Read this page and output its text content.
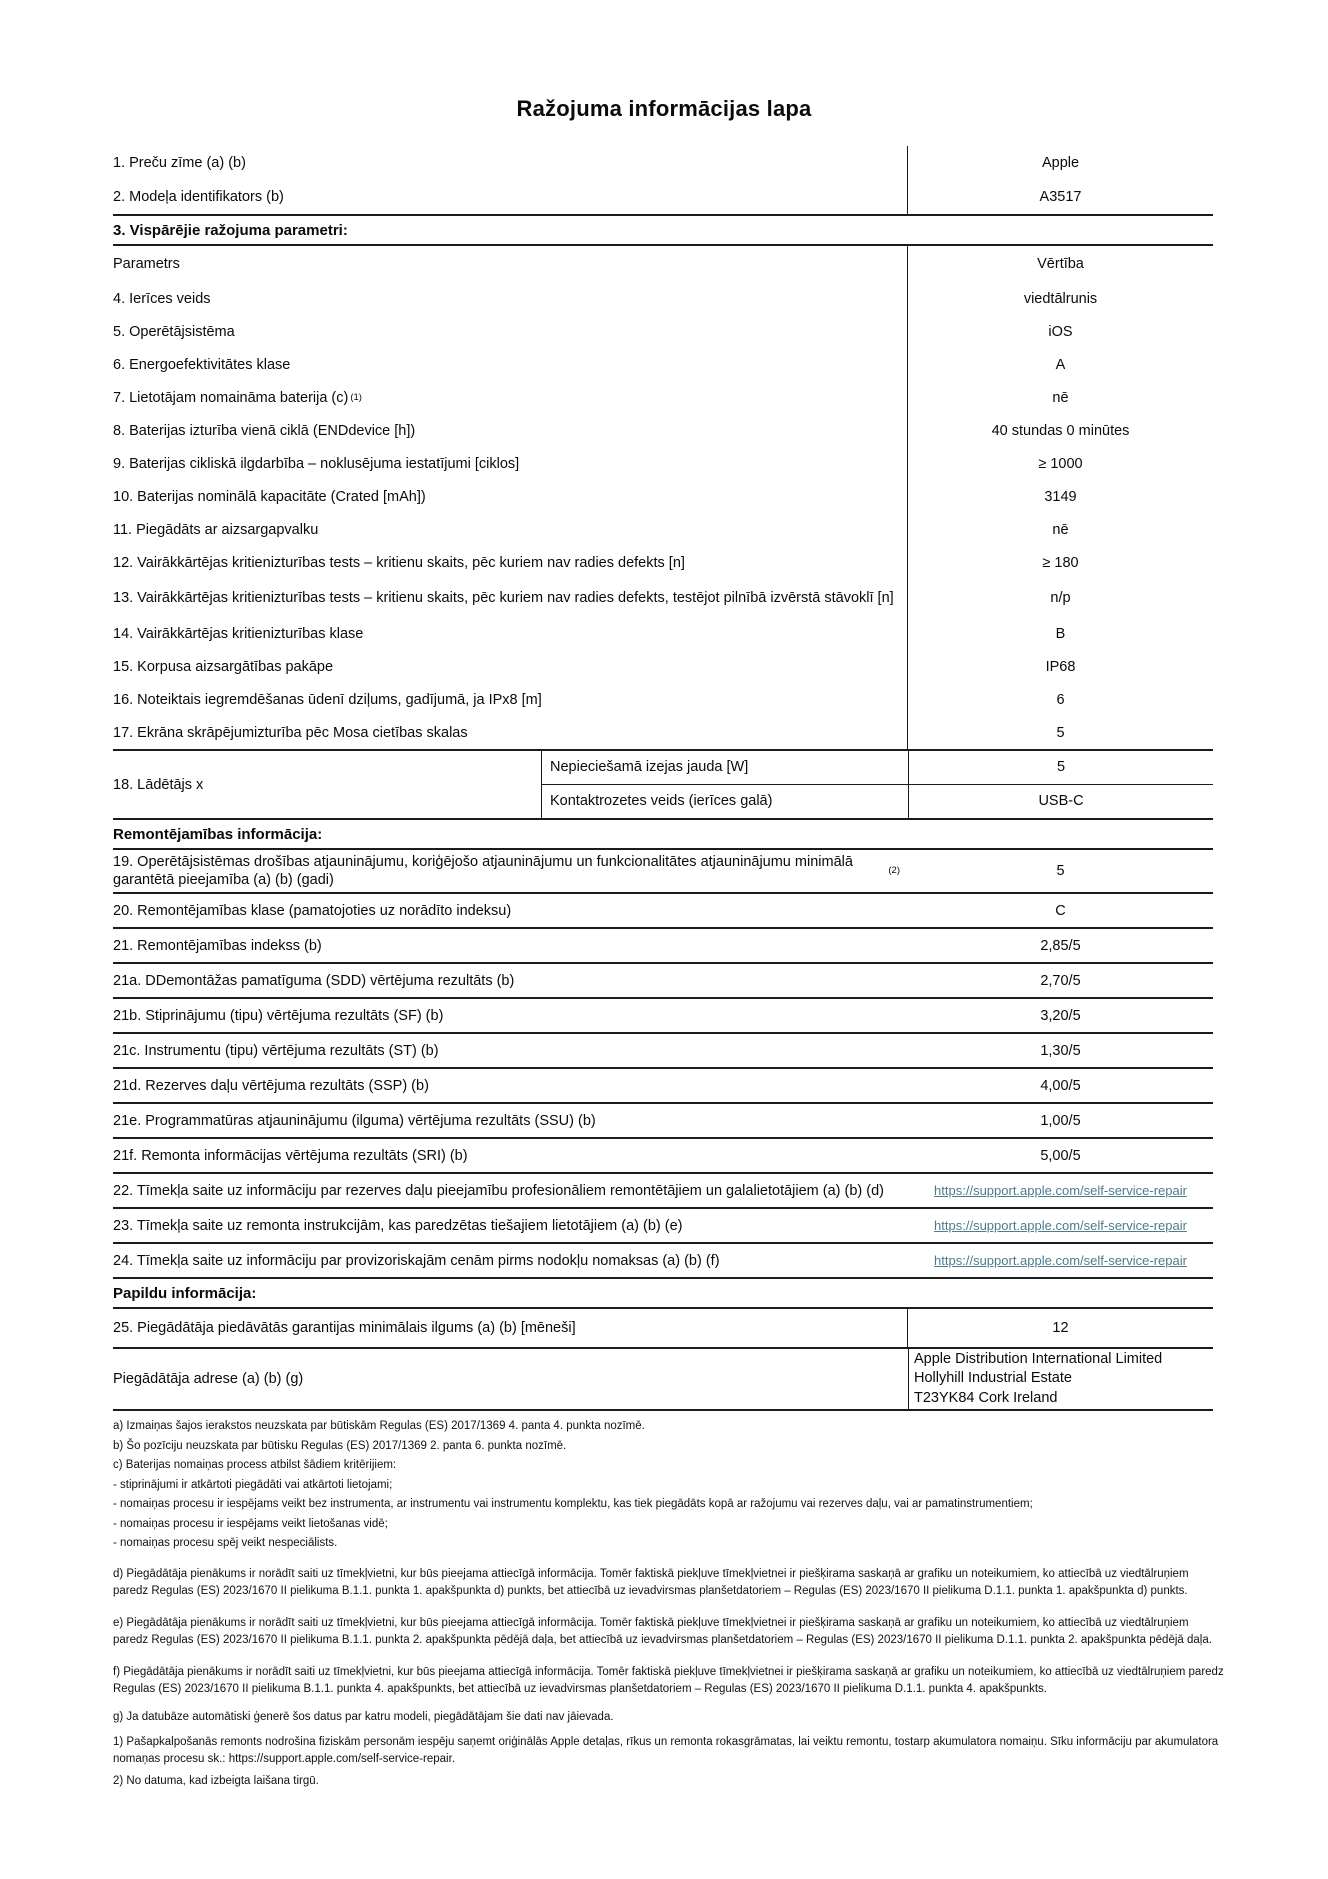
Ražojuma informācijas lapa
1. Preču zīme (a) (b)	Apple
2. Modeļa identifikators (b)	A3517
3. Vispārējie ražojuma parametri:
Parametrs	Vērtība
4. Ierīces veids	viedtālrunis
5. Operētājsistēma	iOS
6. Energoefektivitātes klase	A
7. Lietotājam nomaināma baterija (c) (1)	nē
8. Baterijas izturība vienā ciklā (ENDdevice [h])	40 stundas 0 minūtes
9. Baterijas cikliskā ilgdarbība – noklusējuma iestatījumi [ciklos]	≥ 1000
10. Baterijas nominālā kapacitāte (Crated [mAh])	3149
11. Piegādāts ar aizsargapvalku	nē
12. Vairākkārtējas kritienizturības tests – kritienu skaits, pēc kuriem nav radies defekts [n]	≥ 180
13. Vairākkārtējas kritienizturības tests – kritienu skaits, pēc kuriem nav radies defekts, testējot pilnībā izvērstā stāvoklī [n]	n/p
14. Vairākkārtējas kritienizturības klase	B
15. Korpusa aizsargātības pakāpe	IP68
16. Noteiktais iegremdēšanas ūdenī dziļums, gadījumā, ja IPx8 [m]	6
17. Ekrāna skrāpējumizturība pēc Mosa cietības skalas	5
18. Lādētājs x
Nepieciešamā izejas jauda [W]	5
Kontaktrozetes veids (ierīces galā)	USB-C
Remontējamības informācija:
19. Operētājsistēmas drošības atjauninājumu, koriģējošo atjauninājumu un funkcionalitātes atjauninājumu minimālā garantētā pieejamība (a) (b) (gadi)
(2)	5
20. Remontējamības klase (pamatojoties uz norādīto indeksu)	C
21. Remontējamības indekss (b)	2,85/5
21a. DDemontāžas pamatīguma (SDD) vērtējuma rezultāts (b)	2,70/5
21b. Stiprinājumu (tipu) vērtējuma rezultāts (SF) (b)	3,20/5
21c. Instrumentu (tipu) vērtējuma rezultāts (ST) (b)	1,30/5
21d. Rezerves daļu vērtējuma rezultāts (SSP) (b)	4,00/5
21e. Programmatūras atjauninājumu (ilguma) vērtējuma rezultāts (SSU) (b)	1,00/5
21f. Remonta informācijas vērtējuma rezultāts (SRI) (b)	5,00/5
22. Tīmekļa saite uz informāciju par rezerves daļu pieejamību profesionāliem remontētājiem un galalietotājiem (a) (b) (d)	https://support.apple.com/self-service-repair
23. Tīmekļa saite uz remonta instrukcijām, kas paredzētas tiešajiem lietotājiem (a) (b) (e)	https://support.apple.com/self-service-repair
24. Tīmekļa saite uz informāciju par provizoriskajām cenām pirms nodokļu nomaksas (a) (b) (f)	https://support.apple.com/self-service-repair
Papildu informācija:
25. Piegādātāja piedāvātās garantijas minimālais ilgums (a) (b) [mēneši]	12
Piegādātāja adrese (a) (b) (g)
Apple Distribution International Limited
Hollyhill Industrial Estate
T23YK84 Cork Ireland
a) Izmaiņas šajos ierakstos neuzskata par būtiskām Regulas (ES) 2017/1369 4. panta 4. punkta nozīmē.
b) Šo pozīciju neuzskata par būtisku Regulas (ES) 2017/1369 2. panta 6. punkta nozīmē.
c) Baterijas nomaiņas process atbilst šādiem kritērijiem:
- stiprinājumi ir atkārtoti piegādāti vai atkārtoti lietojami;
- nomaiņas procesu ir iespējams veikt bez instrumenta, ar instrumentu vai instrumentu komplektu, kas tiek piegādāts kopā ar ražojumu vai rezerves daļu, vai ar pamatinstrumentiem;
- nomaiņas procesu ir iespējams veikt lietošanas vidē;
- nomaiņas procesu spēj veikt nespeciālists.
d) Piegādātāja pienākums ir norādīt saiti uz tīmekļvietni, kur būs pieejama attiecīgā informācija. Tomēr faktiskā piekļuve tīmekļvietnei ir piešķirama saskaņā ar grafiku un noteikumiem, ko attiecībā uz viedtālruņiem paredz Regulas (ES) 2023/1670 II pielikuma B.1.1. punkta 1. apakšpunkta d) punkts, bet attiecībā uz ievadvirsmas planšetdatoriem – Regulas (ES) 2023/1670 II pielikuma D.1.1. punkta 1. apakšpunkta d) punkts.
e) Piegādātāja pienākums ir norādīt saiti uz tīmekļvietni, kur būs pieejama attiecīgā informācija. Tomēr faktiskā piekļuve tīmekļvietnei ir piešķirama saskaņā ar grafiku un noteikumiem, ko attiecībā uz viedtālruņiem paredz Regulas (ES) 2023/1670 II pielikuma B.1.1. punkta 2. apakšpunkta pēdējā daļa, bet attiecībā uz ievadvirsmas planšetdatoriem – Regulas (ES) 2023/1670 II pielikuma D.1.1. punkta 2. apakšpunkta pēdējā daļa.
f) Piegādātāja pienākums ir norādīt saiti uz tīmekļvietni, kur būs pieejama attiecīgā informācija. Tomēr faktiskā piekļuve tīmekļvietnei ir piešķirama saskaņā ar grafiku un noteikumiem, ko attiecībā uz viedtālruņiem paredz Regulas (ES) 2023/1670 II pielikuma B.1.1. punkta 4. apakšpunkts, bet attiecībā uz ievadvirsmas planšetdatoriem – Regulas (ES) 2023/1670 II pielikuma D.1.1. punkta 4. apakšpunkts.
g) Ja datubāze automātiski ģenerē šos datus par katru modeli, piegādātājam šie dati nav jāievada.
1) Pašapkalpošanās remonts nodrošina fiziskām personām iespēju saņemt oriģinālās Apple detaļas, rīkus un remonta rokasgrāmatas, lai veiktu remontu, tostarp akumulatora nomaiņu. Sīku informāciju par akumulatora nomaņas procesu sk.: https://support.apple.com/self-service-repair.
2) No datuma, kad izbeigta laišana tirgū.
